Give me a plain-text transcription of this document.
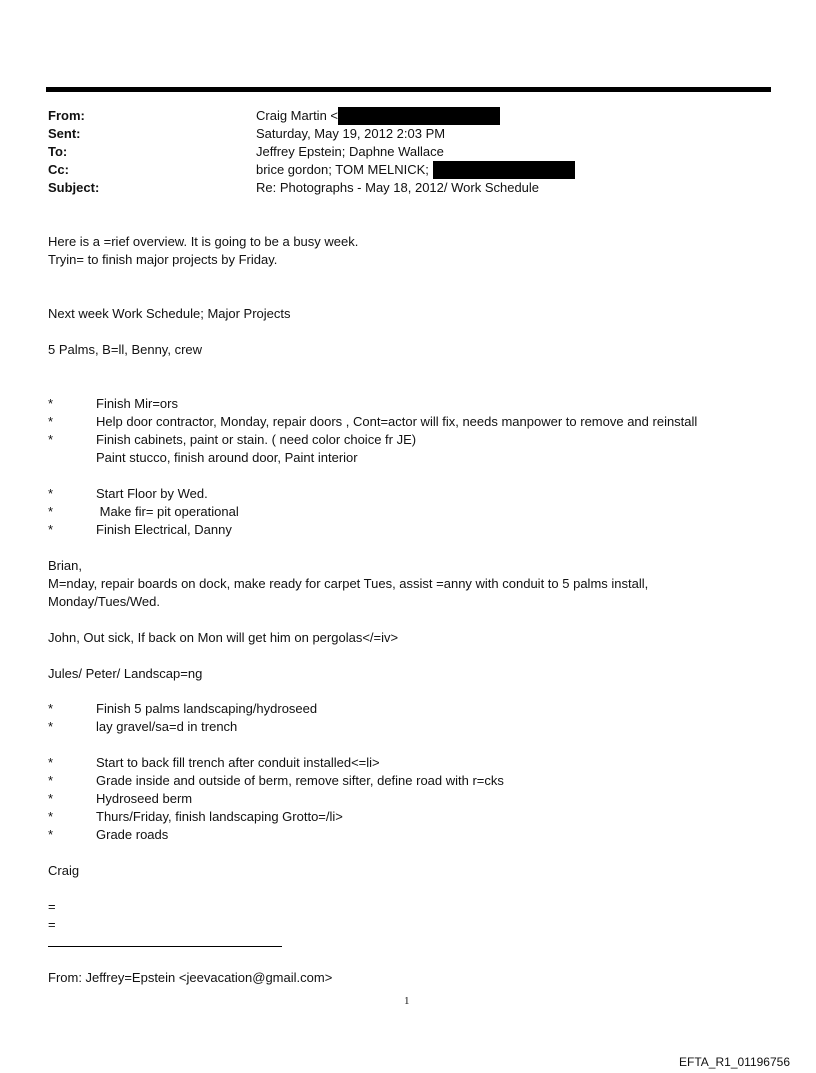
From:	Craig Martin <
Sent:	Saturday, May 19, 2012 2:03 PM
To:	Jeffrey Epstein; Daphne Wallace
Cc:	brice gordon; TOM MELNICK;
Subject:	Re: Photographs - May 18, 2012/ Work Schedule
Here is a =rief overview. It is going to be a busy week.
Tryin= to finish major projects by Friday.
Next week Work Schedule; Major Projects
5 Palms, B=ll, Benny, crew
*	Finish Mir=ors
*	Help door contractor, Monday, repair doors , Cont=actor will fix, needs manpower to remove and reinstall
*	Finish cabinets, paint or stain. ( need color choice fr JE)
Paint stucco, finish around door, Paint interior
*	Start Floor by Wed.
*	Make fir= pit operational
*	Finish Electrical, Danny
Brian,
M=nday, repair boards on dock, make ready for carpet Tues, assist =anny with conduit to 5 palms install,
Monday/Tues/Wed.
John, Out sick, If back on Mon will get him on pergolas</=iv>
Jules/ Peter/ Landscap=ng
*	Finish 5 palms landscaping/hydroseed
*	lay gravel/sa=d in trench
*	Start to back fill trench after conduit installed<=li>
*	Grade inside and outside of berm, remove sifter, define road with r=cks
*	Hydroseed berm
*	Thurs/Friday, finish landscaping Grotto=/li>
*	Grade roads
Craig
=
=
From: Jeffrey=Epstein <jeevacation@gmail.com>
1
EFTA_R1_01196756
